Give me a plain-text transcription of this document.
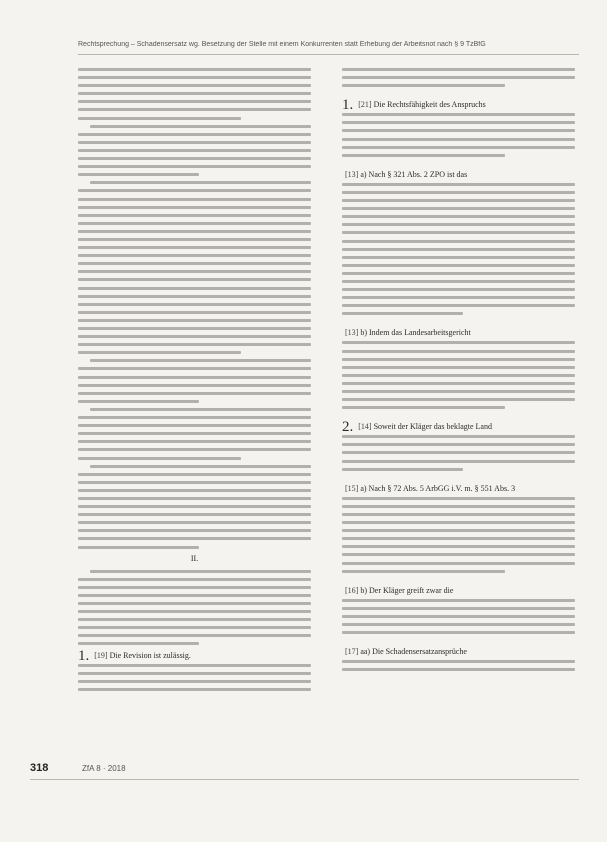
Rechtsprechung – Schadensersatz wg. Besetzung der Stelle mit einem Konkurrenten statt Erhebung der Arbeitsnot nach § 9 TzBfG
II.
1. [19] Die Revision ist zulässig.
1. [21] Die Rechtsfähigkeit des Anspruchs
[13] a) Nach § 321 Abs. 2 ZPO ist das
[13] b) Indem das Landesarbeitsgericht
2. [14] Soweit der Kläger das beklagte Land
[15] a) Nach § 72 Abs. 5 ArbGG i.V. m. § 551 Abs. 3
[16] b) Der Kläger greift zwar die
[17] aa) Die Schadensersatzansprüche
318	ZfA 8 · 2018
